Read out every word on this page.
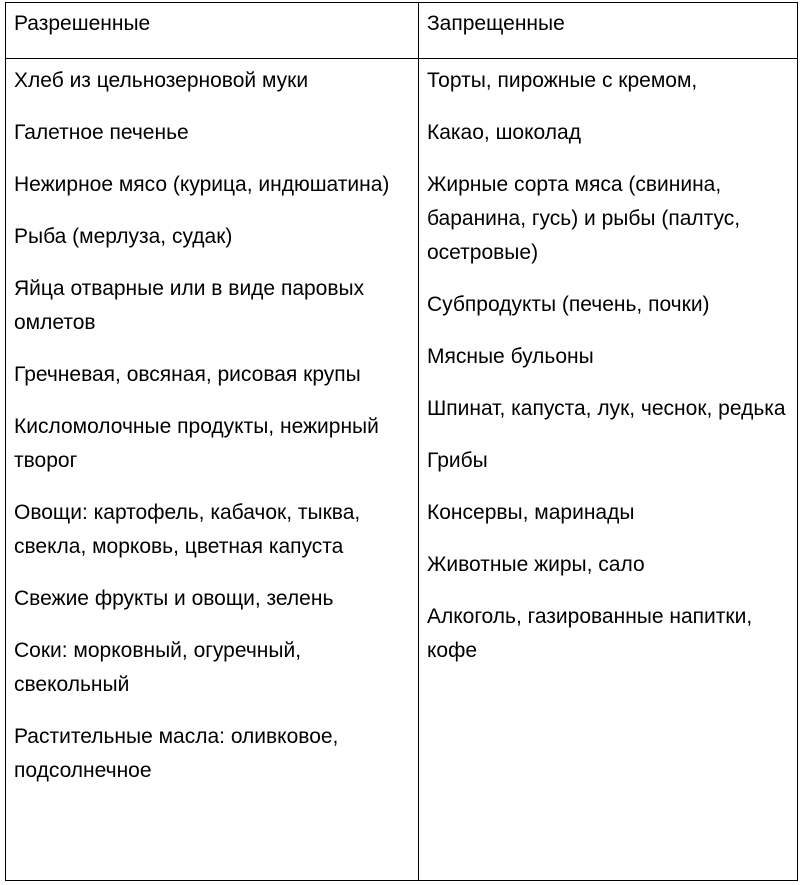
Разрешенные	Запрещенные
Хлеб из цельнозерновой муки
Галетное печенье
Нежирное мясо (курица, индюшатина)
Рыба (мерлуза, судак)
Яйца отварные или в виде паровых омлетов
Гречневая, овсяная, рисовая крупы
Кисломолочные продукты, нежирный творог
Овощи: картофель, кабачок, тыква, свекла, морковь, цветная капуста
Свежие фрукты и овощи, зелень
Соки: морковный, огуречный, свекольный
Растительные масла: оливковое, подсолнечное
Торты, пирожные с кремом,
Какао, шоколад
Жирные сорта мяса (свинина, баранина, гусь) и рыбы (палтус, осетровые)
Субпродукты (печень, почки)
Мясные бульоны
Шпинат, капуста, лук, чеснок, редька
Грибы
Консервы, маринады
Животные жиры, сало
Алкоголь, газированные напитки, кофе
